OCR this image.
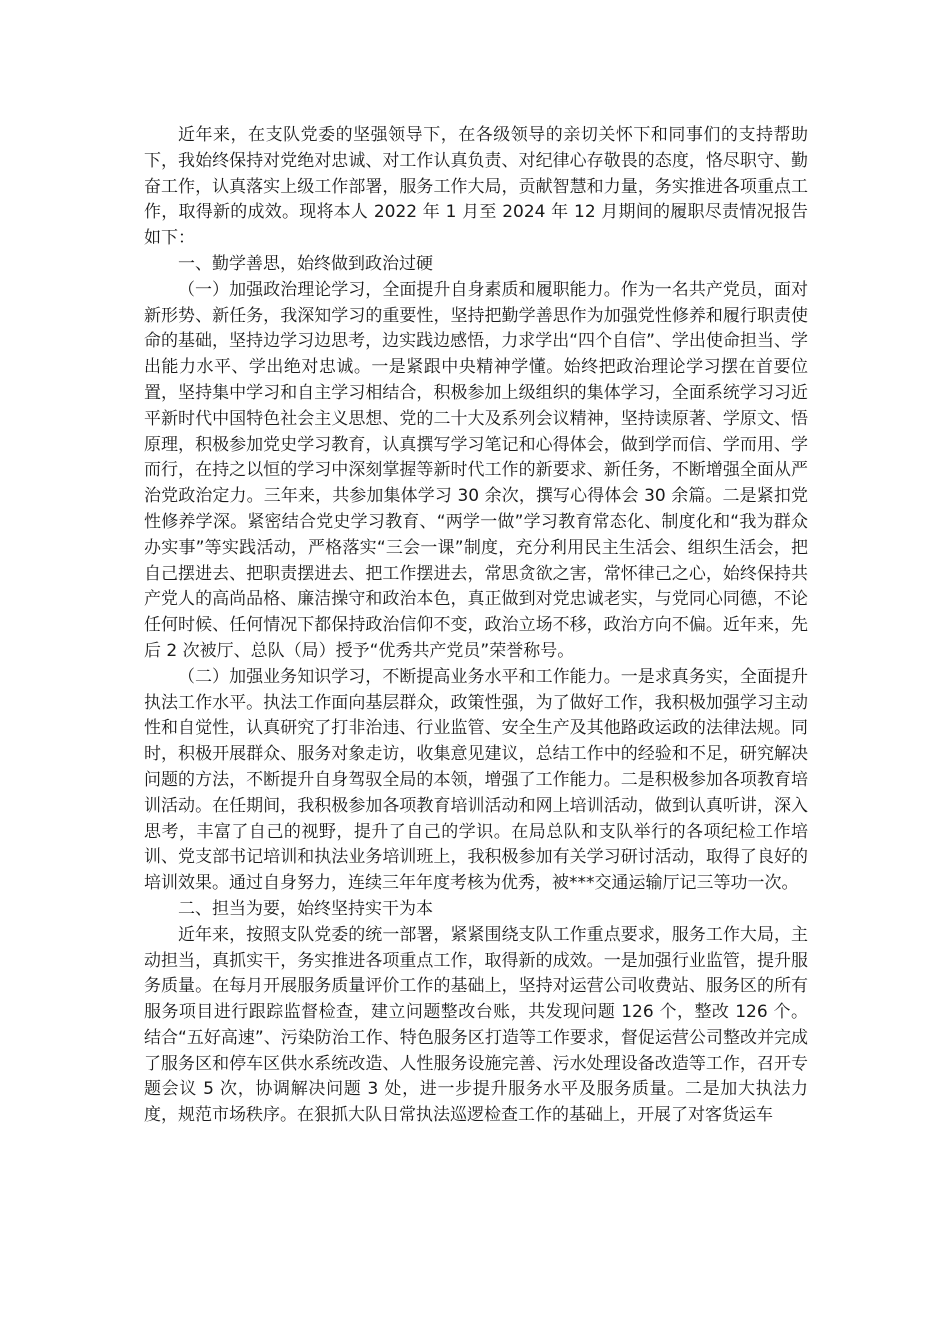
近年来，在支队党委的坚强领导下，在各级领导的亲切关怀下和同事们的支持帮助下，我始终保持对党绝对忠诚、对工作认真负责、对纪律心存敬畏的态度，恪尽职守、勤奋工作，认真落实上级工作部署，服务工作大局，贡献智慧和力量，务实推进各项重点工作，取得新的成效。现将本人 2022 年 1 月至 2024 年 12 月期间的履职尽责情况报告如下：

一、勤学善思，始终做到政治过硬

（一）加强政治理论学习，全面提升自身素质和履职能力。作为一名共产党员，面对新形势、新任务，我深知学习的重要性，坚持把勤学善思作为加强党性修养和履行职责使命的基础，坚持边学习边思考，边实践边感悟，力求学出“四个自信”、学出使命担当、学出能力水平、学出绝对忠诚。一是紧跟中央精神学懂。始终把政治理论学习摆在首要位置，坚持集中学习和自主学习相结合，积极参加上级组织的集体学习，全面系统学习习近平新时代中国特色社会主义思想、党的二十大及系列会议精神，坚持读原著、学原文、悟原理，积极参加党史学习教育，认真撰写学习笔记和心得体会，做到学而信、学而用、学而行，在持之以恒的学习中深刻掌握等新时代工作的新要求、新任务，不断增强全面从严治党政治定力。三年来，共参加集体学习 30 余次，撰写心得体会 30 余篇。二是紧扣党性修养学深。紧密结合党史学习教育、“两学一做”学习教育常态化、制度化和“我为群众办实事”等实践活动，严格落实“三会一课”制度，充分利用民主生活会、组织生活会，把自己摆进去、把职责摆进去、把工作摆进去，常思贪欲之害，常怀律己之心，始终保持共产党人的高尚品格、廉洁操守和政治本色，真正做到对党忠诚老实，与党同心同德，不论任何时候、任何情况下都保持政治信仰不变，政治立场不移，政治方向不偏。近年来，先后 2 次被厅、总队（局）授予“优秀共产党员”荣誉称号。

（二）加强业务知识学习，不断提高业务水平和工作能力。一是求真务实，全面提升执法工作水平。执法工作面向基层群众，政策性强，为了做好工作，我积极加强学习主动性和自觉性，认真研究了打非治违、行业监管、安全生产及其他路政运政的法律法规。同时，积极开展群众、服务对象走访，收集意见建议，总结工作中的经验和不足，研究解决问题的方法，不断提升自身驾驭全局的本领，增强了工作能力。二是积极参加各项教育培训活动。在任期间，我积极参加各项教育培训活动和网上培训活动，做到认真听讲，深入思考，丰富了自己的视野，提升了自己的学识。在局总队和支队举行的各项纪检工作培训、党支部书记培训和执法业务培训班上，我积极参加有关学习研讨活动，取得了良好的培训效果。通过自身努力，连续三年年度考核为优秀，被***交通运输厅记三等功一次。

二、担当为要，始终坚持实干为本

近年来，按照支队党委的统一部署，紧紧围绕支队工作重点要求，服务工作大局，主动担当，真抓实干，务实推进各项重点工作，取得新的成效。一是加强行业监管，提升服务质量。在每月开展服务质量评价工作的基础上，坚持对运营公司收费站、服务区的所有服务项目进行跟踪监督检查，建立问题整改台账，共发现问题 126 个，整改 126 个。结合“五好高速”、污染防治工作、特色服务区打造等工作要求，督促运营公司整改并完成了服务区和停车区供水系统改造、人性服务设施完善、污水处理设备改造等工作，召开专题会议 5 次，协调解决问题 3 处，进一步提升服务水平及服务质量。二是加大执法力度，规范市场秩序。在狠抓大队日常执法巡逻检查工作的基础上，开展了对客货运车
